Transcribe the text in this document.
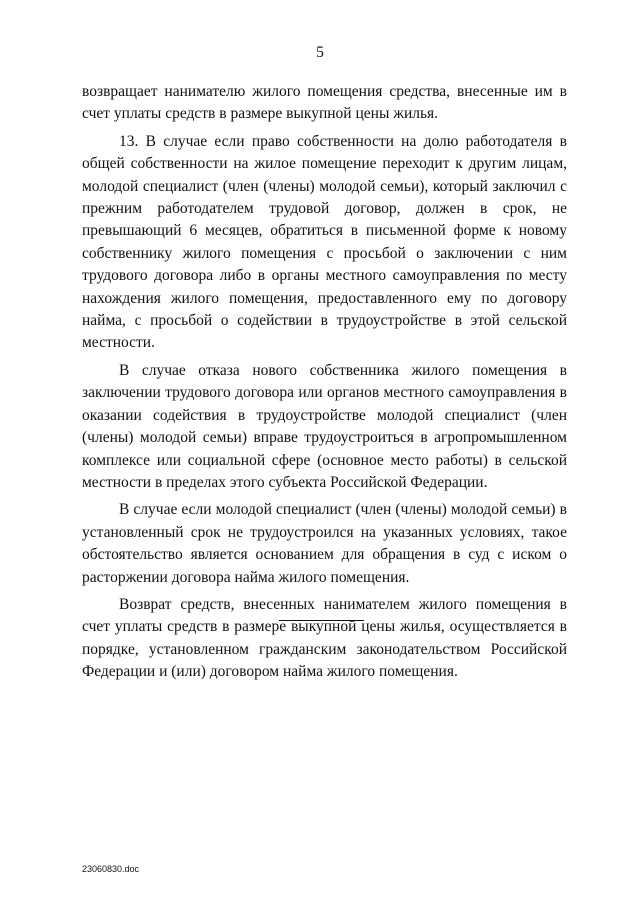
5

возвращает нанимателю жилого помещения средства, внесенные им в счет уплаты средств в размере выкупной цены жилья.

13. В случае если право собственности на долю работодателя в общей собственности на жилое помещение переходит к другим лицам, молодой специалист (член (члены) молодой семьи), который заключил с прежним работодателем трудовой договор, должен в срок, не превышающий 6 месяцев, обратиться в письменной форме к новому собственнику жилого помещения с просьбой о заключении с ним трудового договора либо в органы местного самоуправления по месту нахождения жилого помещения, предоставленного ему по договору найма, с просьбой о содействии в трудоустройстве в этой сельской местности.

В случае отказа нового собственника жилого помещения в заключении трудового договора или органов местного самоуправления в оказании содействия в трудоустройстве молодой специалист (член (члены) молодой семьи) вправе трудоустроиться в агропромышленном комплексе или социальной сфере (основное место работы) в сельской местности в пределах этого субъекта Российской Федерации.

В случае если молодой специалист (член (члены) молодой семьи) в установленный срок не трудоустроился на указанных условиях, такое обстоятельство является основанием для обращения в суд с иском о расторжении договора найма жилого помещения.

Возврат средств, внесенных нанимателем жилого помещения в счет уплаты средств в размере выкупной цены жилья, осуществляется в порядке, установленном гражданским законодательством Российской Федерации и (или) договором найма жилого помещения.

23060830.doc
